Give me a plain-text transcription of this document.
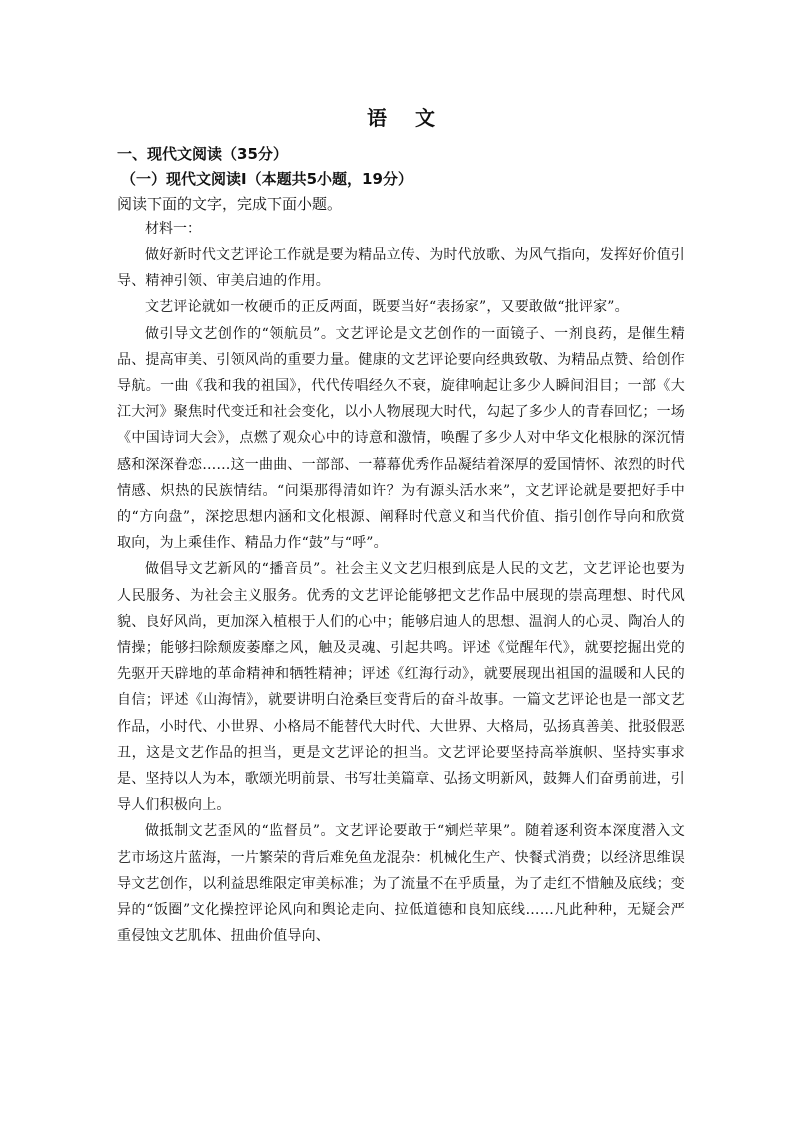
语文

一、现代文阅读（35分）

（一）现代文阅读Ⅰ（本题共5小题，19分）

阅读下面的文字，完成下面小题。

材料一：

做好新时代文艺评论工作就是要为精品立传、为时代放歌、为风气指向，发挥好价值引导、精神引领、审美启迪的作用。

文艺评论就如一枚硬币的正反两面，既要当好“表扬家”，又要敢做“批评家”。

做引导文艺创作的“领航员”。文艺评论是文艺创作的一面镜子、一剂良药，是催生精品、提高审美、引领风尚的重要力量。健康的文艺评论要向经典致敬、为精品点赞、给创作导航。一曲《我和我的祖国》，代代传唱经久不衰，旋律响起让多少人瞬间泪目；一部《大江大河》聚焦时代变迁和社会变化，以小人物展现大时代，勾起了多少人的青春回忆；一场《中国诗词大会》，点燃了观众心中的诗意和激情，唤醒了多少人对中华文化根脉的深沉情感和深深眷恋……这一曲曲、一部部、一幕幕优秀作品凝结着深厚的爱国情怀、浓烈的时代情感、炽热的民族情结。“问渠那得清如许？为有源头活水来”，文艺评论就是要把好手中的“方向盘”，深挖思想内涵和文化根源、阐释时代意义和当代价值、指引创作导向和欣赏取向，为上乘佳作、精品力作“鼓”与“呼”。

做倡导文艺新风的“播音员”。社会主义文艺归根到底是人民的文艺，文艺评论也要为人民服务、为社会主义服务。优秀的文艺评论能够把文艺作品中展现的崇高理想、时代风貌、良好风尚，更加深入植根于人们的心中；能够启迪人的思想、温润人的心灵、陶冶人的情操；能够扫除颓废萎靡之风，触及灵魂、引起共鸣。评述《觉醒年代》，就要挖掘出党的先驱开天辟地的革命精神和牺牲精神；评述《红海行动》，就要展现出祖国的温暖和人民的自信；评述《山海情》，就要讲明白沧桑巨变背后的奋斗故事。一篇文艺评论也是一部文艺作品，小时代、小世界、小格局不能替代大时代、大世界、大格局，弘扬真善美、批驳假恶丑，这是文艺作品的担当，更是文艺评论的担当。文艺评论要坚持高举旗帜、坚持实事求是、坚持以人为本，歌颂光明前景、书写壮美篇章、弘扬文明新风，鼓舞人们奋勇前进，引导人们积极向上。

做抵制文艺歪风的“监督员”。文艺评论要敢于“剜烂苹果”。随着逐利资本深度潜入文艺市场这片蓝海，一片繁荣的背后难免鱼龙混杂：机械化生产、快餐式消费；以经济思维误导文艺创作，以利益思维限定审美标准；为了流量不在乎质量，为了走红不惜触及底线；变异的“饭圈”文化操控评论风向和舆论走向、拉低道德和良知底线……凡此种种，无疑会严重侵蚀文艺肌体、扭曲价值导向、
